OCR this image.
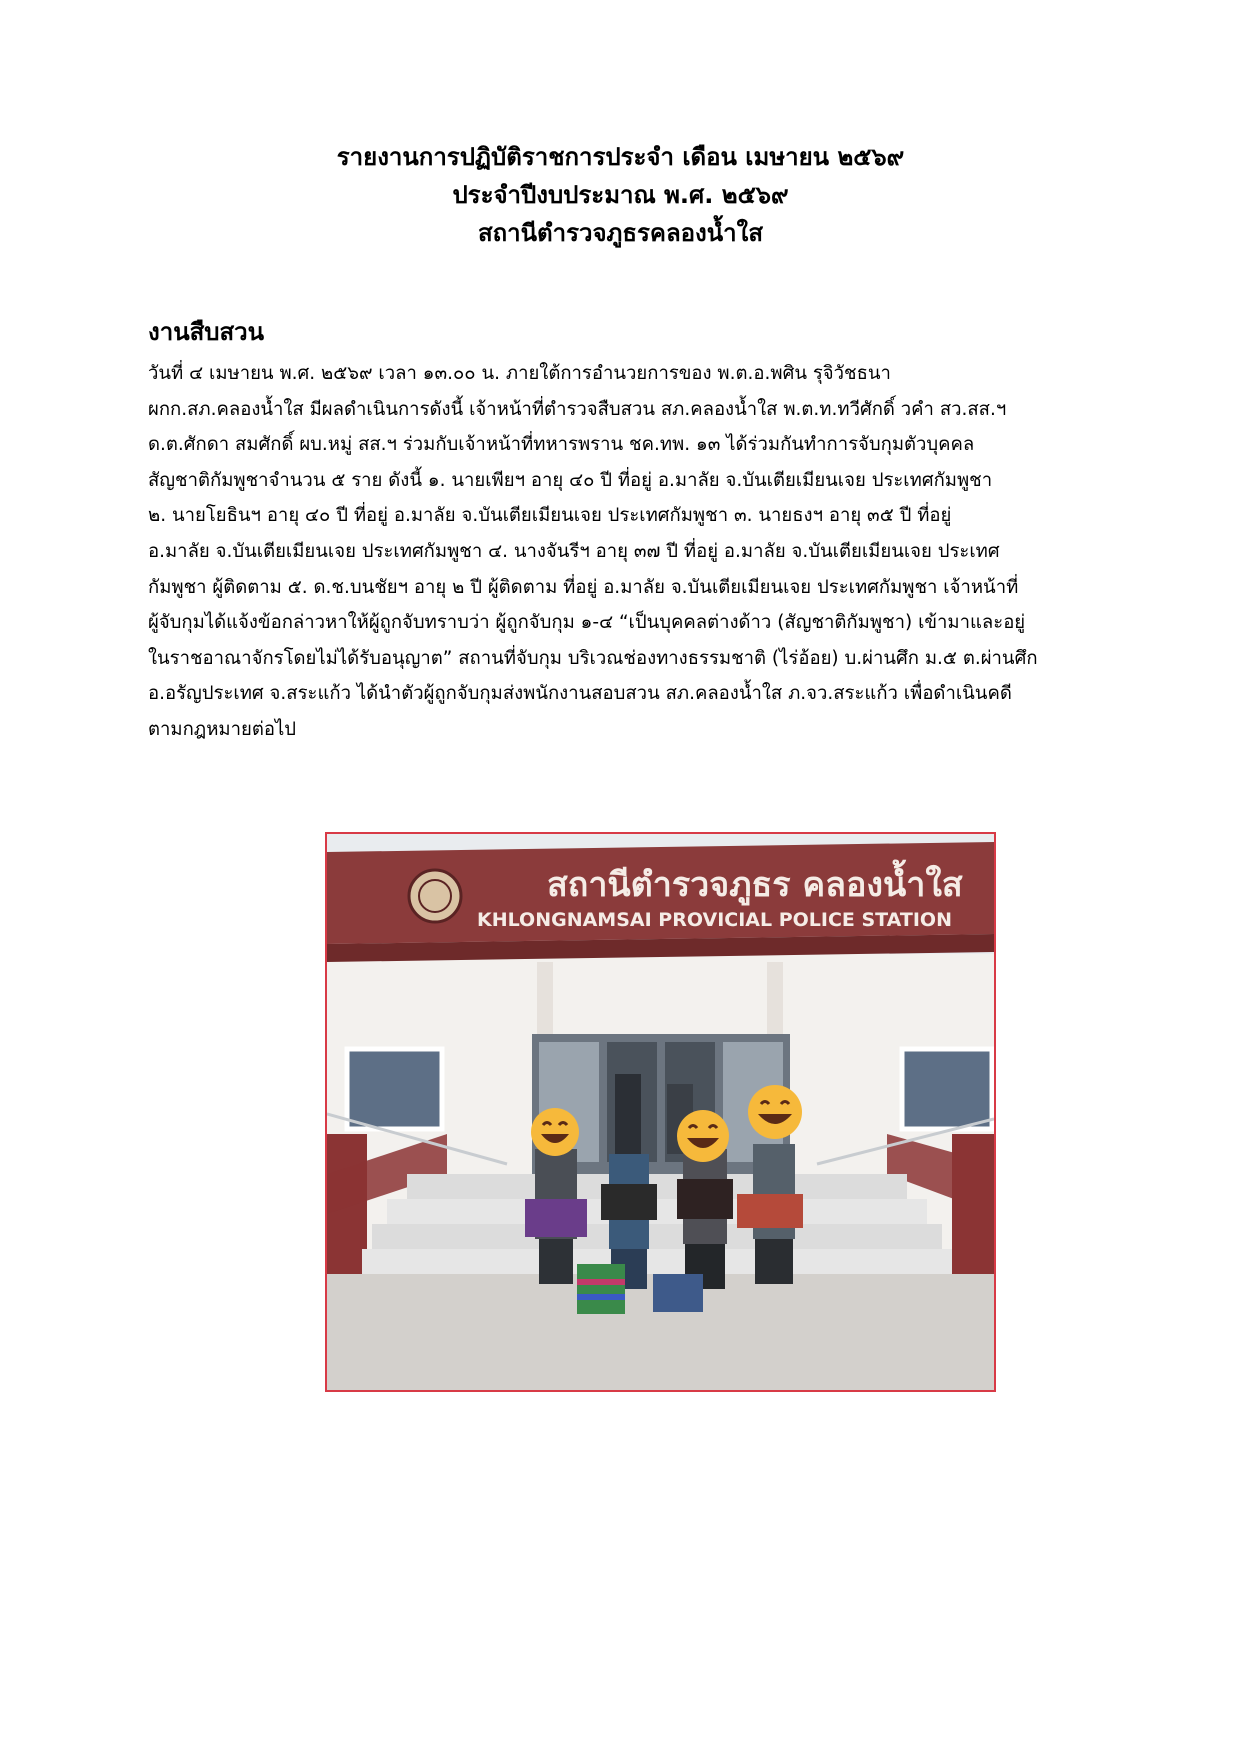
รายงานการปฏิบัติราชการประจำ เดือน เมษายน ๒๕๖๙
ประจำปีงบประมาณ พ.ศ. ๒๕๖๙
สถานีตำรวจภูธรคลองน้ำใส
งานสืบสวน
วันที่ ๔ เมษายน พ.ศ. ๒๕๖๙ เวลา ๑๓.๐๐ น. ภายใต้การอำนวยการของ พ.ต.อ.พศิน รุจิวัชธนา
ผกก.สภ.คลองน้ำใส มีผลดำเนินการดังนี้ เจ้าหน้าที่ตำรวจสืบสวน สภ.คลองน้ำใส พ.ต.ท.ทวีศักดิ์ วคำ สว.สส.ฯ
ด.ต.ศักดา สมศักดิ์ ผบ.หมู่ สส.ฯ ร่วมกับเจ้าหน้าที่ทหารพราน ชค.ทพ. ๑๓ ได้ร่วมกันทำการจับกุมตัวบุคคล
สัญชาติกัมพูชาจำนวน ๕ ราย ดังนี้ ๑. นายเพียฯ อายุ ๔๐ ปี ที่อยู่ อ.มาลัย จ.บันเตียเมียนเจย ประเทศกัมพูชา
๒. นายโยธินฯ อายุ ๔๐ ปี ที่อยู่ อ.มาลัย จ.บันเตียเมียนเจย ประเทศกัมพูชา ๓. นายธงฯ อายุ ๓๕ ปี ที่อยู่
อ.มาลัย จ.บันเตียเมียนเจย ประเทศกัมพูชา ๔. นางจันรีฯ อายุ ๓๗ ปี ที่อยู่ อ.มาลัย จ.บันเตียเมียนเจย ประเทศ
กัมพูชา ผู้ติดตาม ๕. ด.ช.บนชัยฯ อายุ ๒ ปี ผู้ติดตาม ที่อยู่ อ.มาลัย จ.บันเตียเมียนเจย ประเทศกัมพูชา เจ้าหน้าที่
ผู้จับกุมได้แจ้งข้อกล่าวหาให้ผู้ถูกจับทราบว่า ผู้ถูกจับกุม ๑-๔ “เป็นบุคคลต่างด้าว (สัญชาติกัมพูชา) เข้ามาและอยู่
ในราชอาณาจักรโดยไม่ได้รับอนุญาต” สถานที่จับกุม บริเวณช่องทางธรรมชาติ (ไร่อ้อย) บ.ผ่านศึก ม.๕ ต.ผ่านศึก
อ.อรัญประเทศ จ.สระแก้ว ได้นำตัวผู้ถูกจับกุมส่งพนักงานสอบสวน สภ.คลองน้ำใส ภ.จว.สระแก้ว เพื่อดำเนินคดี
ตามกฎหมายต่อไป
สถานีตำรวจภูธร คลองน้ำใส
KHLONGNAMSAI PROVICIAL POLICE STATION
